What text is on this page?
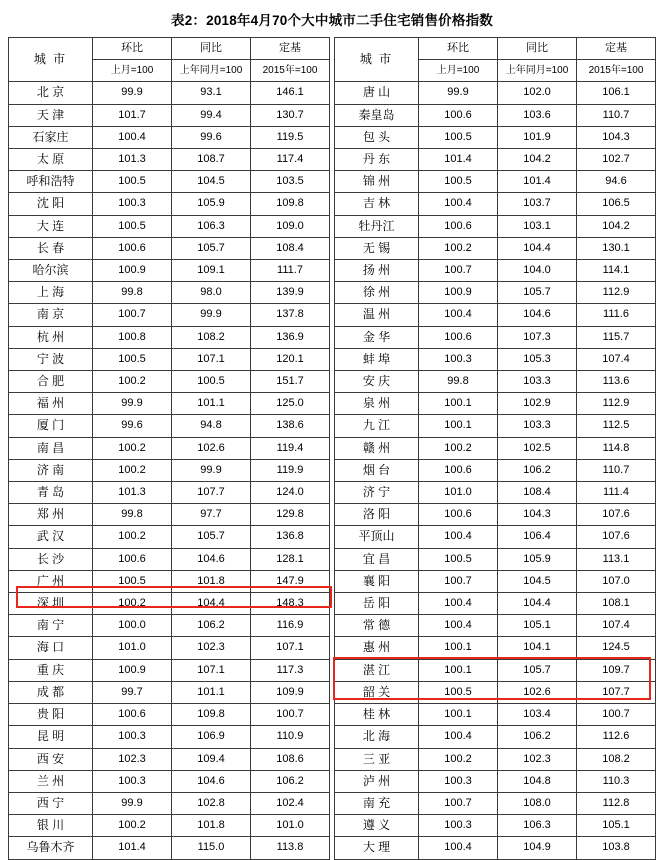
表2：2018年4月70个大中城市二手住宅销售价格指数
城 市	环比	同比	定基
	上月=100	上年同月=100	2015年=100
北 京	99.9	93.1	146.1
天 津	101.7	99.4	130.7
石家庄	100.4	99.6	119.5
太 原	101.3	108.7	117.4
呼和浩特	100.5	104.5	103.5
沈 阳	100.3	105.9	109.8
大 连	100.5	106.3	109.0
长 春	100.6	105.7	108.4
哈尔滨	100.9	109.1	111.7
上 海	99.8	98.0	139.9
南 京	100.7	99.9	137.8
杭 州	100.8	108.2	136.9
宁 波	100.5	107.1	120.1
合 肥	100.2	100.5	151.7
福 州	99.9	101.1	125.0
厦 门	99.6	94.8	138.6
南 昌	100.2	102.6	119.4
济 南	100.2	99.9	119.9
青 岛	101.3	107.7	124.0
郑 州	99.8	97.7	129.8
武 汉	100.2	105.7	136.8
长 沙	100.6	104.6	128.1
广 州	100.5	101.8	147.9
深 圳	100.2	104.4	148.3
南 宁	100.0	106.2	116.9
海 口	101.0	102.3	107.1
重 庆	100.9	107.1	117.3
成 都	99.7	101.1	109.9
贵 阳	100.6	109.8	100.7
昆 明	100.3	106.9	110.9
西 安	102.3	109.4	108.6
兰 州	100.3	104.6	106.2
西 宁	99.9	102.8	102.4
银 川	100.2	101.8	101.0
乌鲁木齐	101.4	115.0	113.8
城 市	环比	同比	定基
	上月=100	上年同月=100	2015年=100
唐 山	99.9	102.0	106.1
秦皇岛	100.6	103.6	110.7
包 头	100.5	101.9	104.3
丹 东	101.4	104.2	102.7
锦 州	100.5	101.4	94.6
吉 林	100.4	103.7	106.5
牡丹江	100.6	103.1	104.2
无 锡	100.2	104.4	130.1
扬 州	100.7	104.0	114.1
徐 州	100.9	105.7	112.9
温 州	100.4	104.6	111.6
金 华	100.6	107.3	115.7
蚌 埠	100.3	105.3	107.4
安 庆	99.8	103.3	113.6
泉 州	100.1	102.9	112.9
九 江	100.1	103.3	112.5
赣 州	100.2	102.5	114.8
烟 台	100.6	106.2	110.7
济 宁	101.0	108.4	111.4
洛 阳	100.6	104.3	107.6
平顶山	100.4	106.4	107.6
宜 昌	100.5	105.9	113.1
襄 阳	100.7	104.5	107.0
岳 阳	100.4	104.4	108.1
常 德	100.4	105.1	107.4
惠 州	100.1	104.1	124.5
湛 江	100.1	105.7	109.7
韶 关	100.5	102.6	107.7
桂 林	100.1	103.4	100.7
北 海	100.4	106.2	112.6
三 亚	100.2	102.3	108.2
泸 州	100.3	104.8	110.3
南 充	100.7	108.0	112.8
遵 义	100.3	106.3	105.1
大 理	100.4	104.9	103.8
